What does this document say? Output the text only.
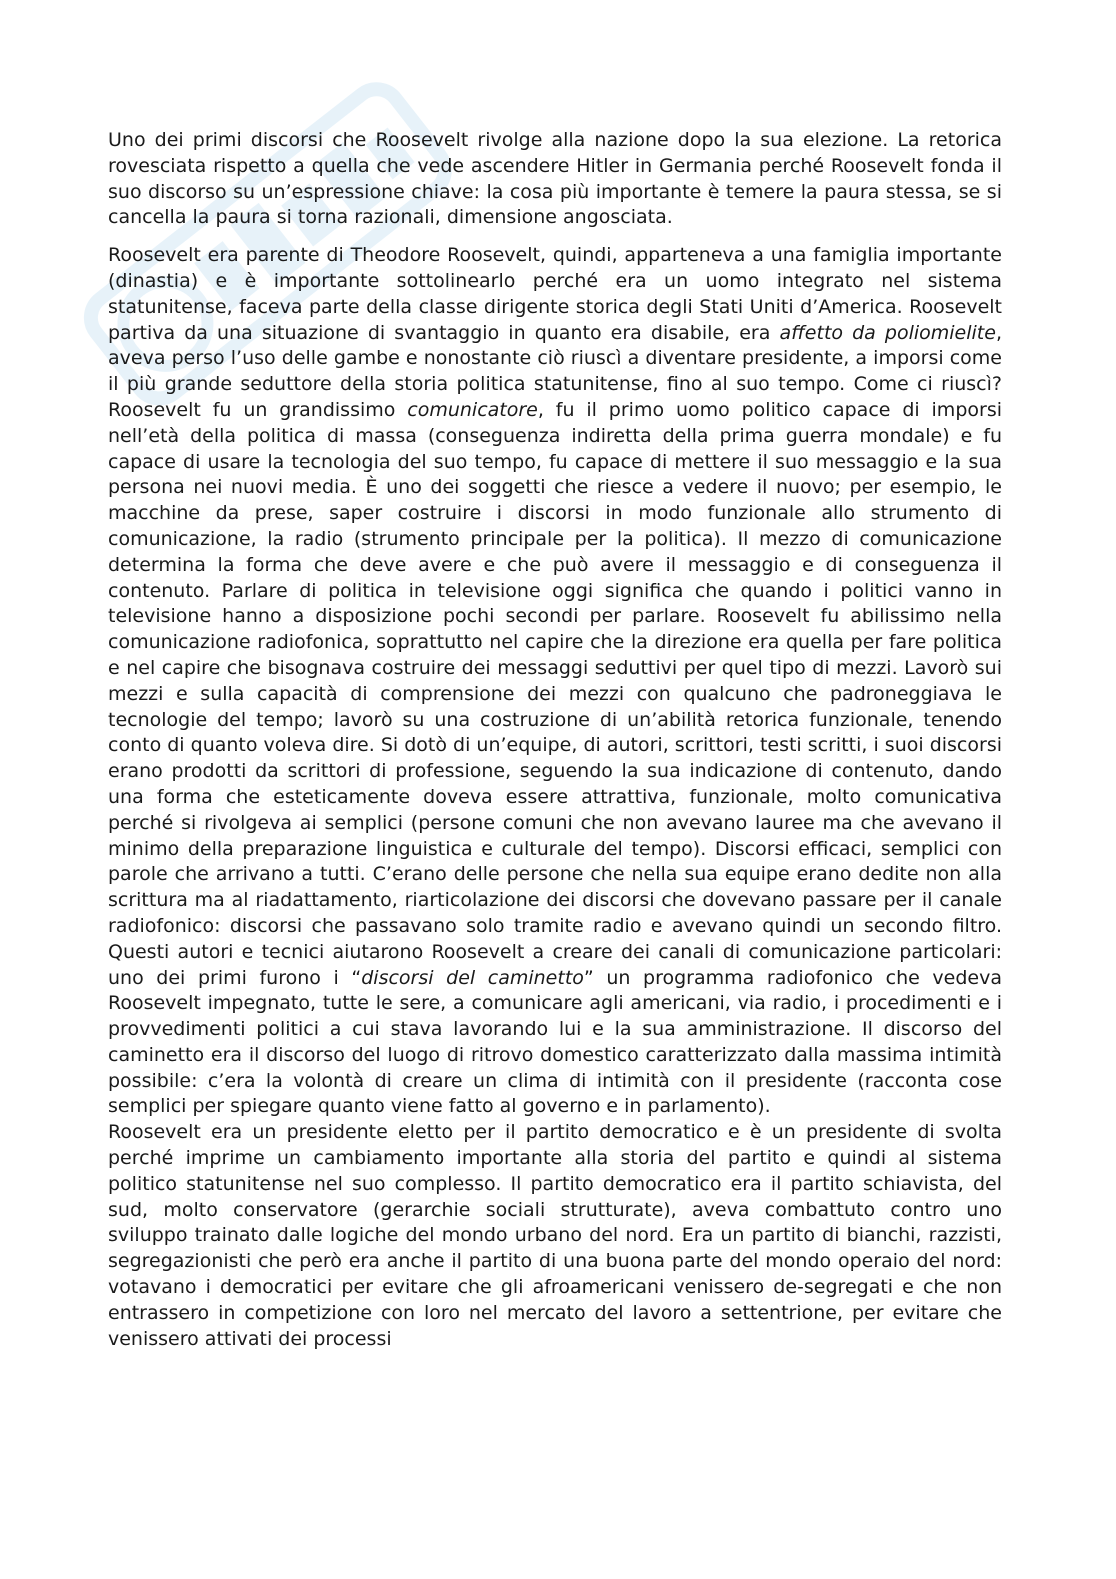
Uno dei primi discorsi che Roosevelt rivolge alla nazione dopo la sua elezione. La retorica rovesciata rispetto a quella che vede ascendere Hitler in Germania perché Roosevelt fonda il suo discorso su un’espressione chiave: la cosa più importante è temere la paura stessa, se si cancella la paura si torna razionali, dimensione angosciata.

Roosevelt era parente di Theodore Roosevelt, quindi, apparteneva a una famiglia importante (dinastia) e è importante sottolinearlo perché era un uomo integrato nel sistema statunitense, faceva parte della classe dirigente storica degli Stati Uniti d’America. Roosevelt partiva da una situazione di svantaggio in quanto era disabile, era affetto da poliomielite, aveva perso l’uso delle gambe e nonostante ciò riuscì a diventare presidente, a imporsi come il più grande seduttore della storia politica statunitense, fino al suo tempo. Come ci riuscì? Roosevelt fu un grandissimo comunicatore, fu il primo uomo politico capace di imporsi nell’età della politica di massa (conseguenza indiretta della prima guerra mondale) e fu capace di usare la tecnologia del suo tempo, fu capace di mettere il suo messaggio e la sua persona nei nuovi media. È uno dei soggetti che riesce a vedere il nuovo; per esempio, le macchine da prese, saper costruire i discorsi in modo funzionale allo strumento di comunicazione, la radio (strumento principale per la politica). Il mezzo di comunicazione determina la forma che deve avere e che può avere il messaggio e di conseguenza il contenuto. Parlare di politica in televisione oggi significa che quando i politici vanno in televisione hanno a disposizione pochi secondi per parlare. Roosevelt fu abilissimo nella comunicazione radiofonica, soprattutto nel capire che la direzione era quella per fare politica e nel capire che bisognava costruire dei messaggi seduttivi per quel tipo di mezzi. Lavorò sui mezzi e sulla capacità di comprensione dei mezzi con qualcuno che padroneggiava le tecnologie del tempo; lavorò su una costruzione di un’abilità retorica funzionale, tenendo conto di quanto voleva dire. Si dotò di un’equipe, di autori, scrittori, testi scritti, i suoi discorsi erano prodotti da scrittori di professione, seguendo la sua indicazione di contenuto, dando una forma che esteticamente doveva essere attrattiva, funzionale, molto comunicativa perché si rivolgeva ai semplici (persone comuni che non avevano lauree ma che avevano il minimo della preparazione linguistica e culturale del tempo). Discorsi efficaci, semplici con parole che arrivano a tutti. C’erano delle persone che nella sua equipe erano dedite non alla scrittura ma al riadattamento, riarticolazione dei discorsi che dovevano passare per il canale radiofonico: discorsi che passavano solo tramite radio e avevano quindi un secondo filtro. Questi autori e tecnici aiutarono Roosevelt a creare dei canali di comunicazione particolari: uno dei primi furono i “discorsi del caminetto” un programma radiofonico che vedeva Roosevelt impegnato, tutte le sere, a comunicare agli americani, via radio, i procedimenti e i provvedimenti politici a cui stava lavorando lui e la sua amministrazione. Il discorso del caminetto era il discorso del luogo di ritrovo domestico caratterizzato dalla massima intimità possibile: c’era la volontà di creare un clima di intimità con il presidente (racconta cose semplici per spiegare quanto viene fatto al governo e in parlamento).

Roosevelt era un presidente eletto per il partito democratico e è un presidente di svolta perché imprime un cambiamento importante alla storia del partito e quindi al sistema politico statunitense nel suo complesso. Il partito democratico era il partito schiavista, del sud, molto conservatore (gerarchie sociali strutturate), aveva combattuto contro uno sviluppo trainato dalle logiche del mondo urbano del nord. Era un partito di bianchi, razzisti, segregazionisti che però era anche il partito di una buona parte del mondo operaio del nord: votavano i democratici per evitare che gli afroamericani venissero de-segregati e che non entrassero in competizione con loro nel mercato del lavoro a settentrione, per evitare che venissero attivati dei processi
